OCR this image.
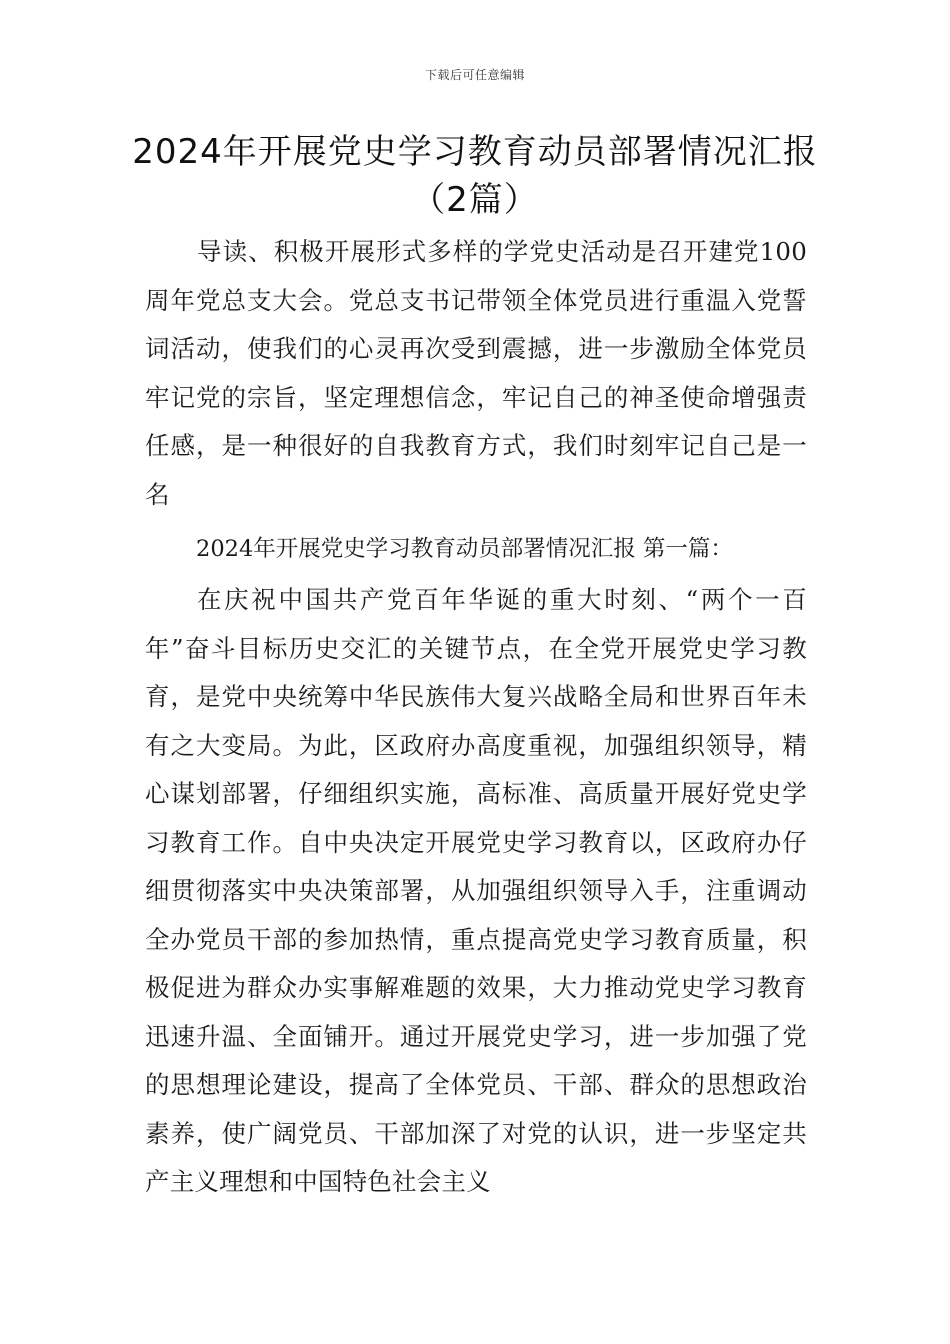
下载后可任意编辑
2024年开展党史学习教育动员部署情况汇报（2篇）

导读、积极开展形式多样的学党史活动是召开建党100周年党总支大会。党总支书记带领全体党员进行重温入党誓词活动，使我们的心灵再次受到震撼，进一步激励全体党员牢记党的宗旨，坚定理想信念，牢记自己的神圣使命增强责任感，是一种很好的自我教育方式，我们时刻牢记自己是一名

2024年开展党史学习教育动员部署情况汇报 第一篇：

在庆祝中国共产党百年华诞的重大时刻、“两个一百年”奋斗目标历史交汇的关键节点，在全党开展党史学习教育，是党中央统筹中华民族伟大复兴战略全局和世界百年未有之大变局。为此，区政府办高度重视，加强组织领导，精心谋划部署，仔细组织实施，高标准、高质量开展好党史学习教育工作。自中央决定开展党史学习教育以，区政府办仔细贯彻落实中央决策部署，从加强组织领导入手，注重调动全办党员干部的参加热情，重点提高党史学习教育质量，积极促进为群众办实事解难题的效果，大力推动党史学习教育迅速升温、全面铺开。通过开展党史学习，进一步加强了党的思想理论建设，提高了全体党员、干部、群众的思想政治素养，使广阔党员、干部加深了对党的认识，进一步坚定共产主义理想和中国特色社会主义
